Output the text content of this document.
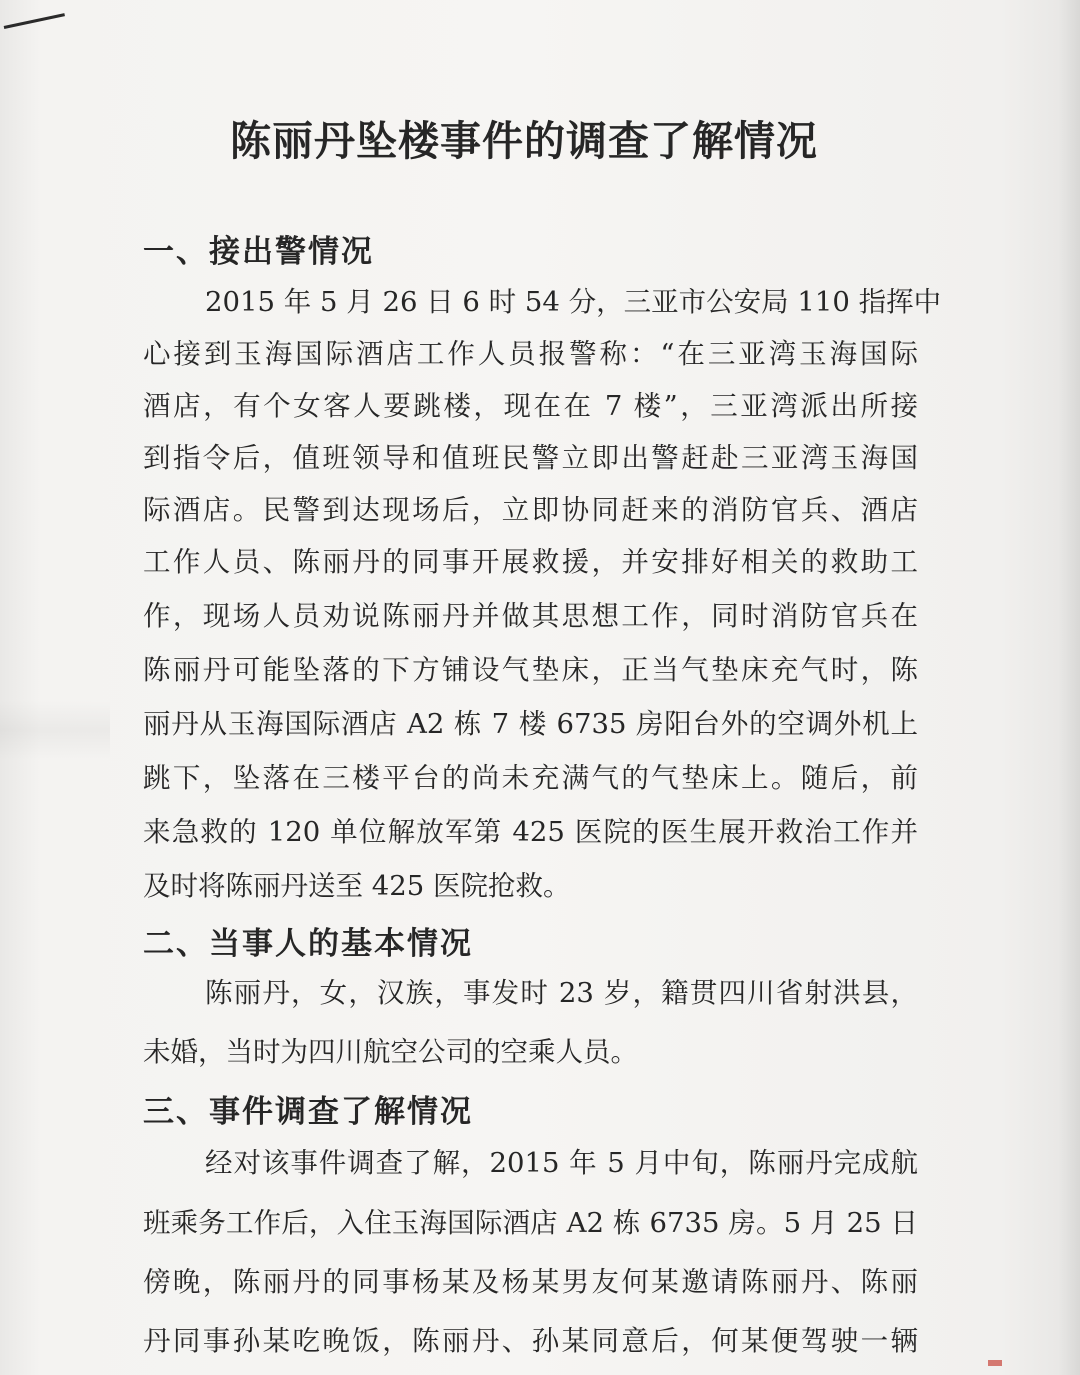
陈丽丹坠楼事件的调查了解情况
一、接出警情况

2015 年 5 月 26 日 6 时 54 分，三亚市公安局 110 指挥中

心接到玉海国际酒店工作人员报警称：“在三亚湾玉海国际

酒店，有个女客人要跳楼，现在在 7 楼”，三亚湾派出所接

到指令后，值班领导和值班民警立即出警赶赴三亚湾玉海国

际酒店。民警到达现场后，立即协同赶来的消防官兵、酒店

工作人员、陈丽丹的同事开展救援，并安排好相关的救助工

作，现场人员劝说陈丽丹并做其思想工作，同时消防官兵在

陈丽丹可能坠落的下方铺设气垫床，正当气垫床充气时，陈

丽丹从玉海国际酒店 A2 栋 7 楼 6735 房阳台外的空调外机上

跳下，坠落在三楼平台的尚未充满气的气垫床上。随后，前

来急救的 120 单位解放军第 425 医院的医生展开救治工作并

及时将陈丽丹送至 425 医院抢救。

二、当事人的基本情况

陈丽丹，女，汉族，事发时 23 岁，籍贯四川省射洪县，

未婚，当时为四川航空公司的空乘人员。

三、事件调查了解情况

经对该事件调查了解，2015 年 5 月中旬，陈丽丹完成航

班乘务工作后，入住玉海国际酒店 A2 栋 6735 房。5 月 25 日

傍晚，陈丽丹的同事杨某及杨某男友何某邀请陈丽丹、陈丽

丹同事孙某吃晚饭，陈丽丹、孙某同意后，何某便驾驶一辆
